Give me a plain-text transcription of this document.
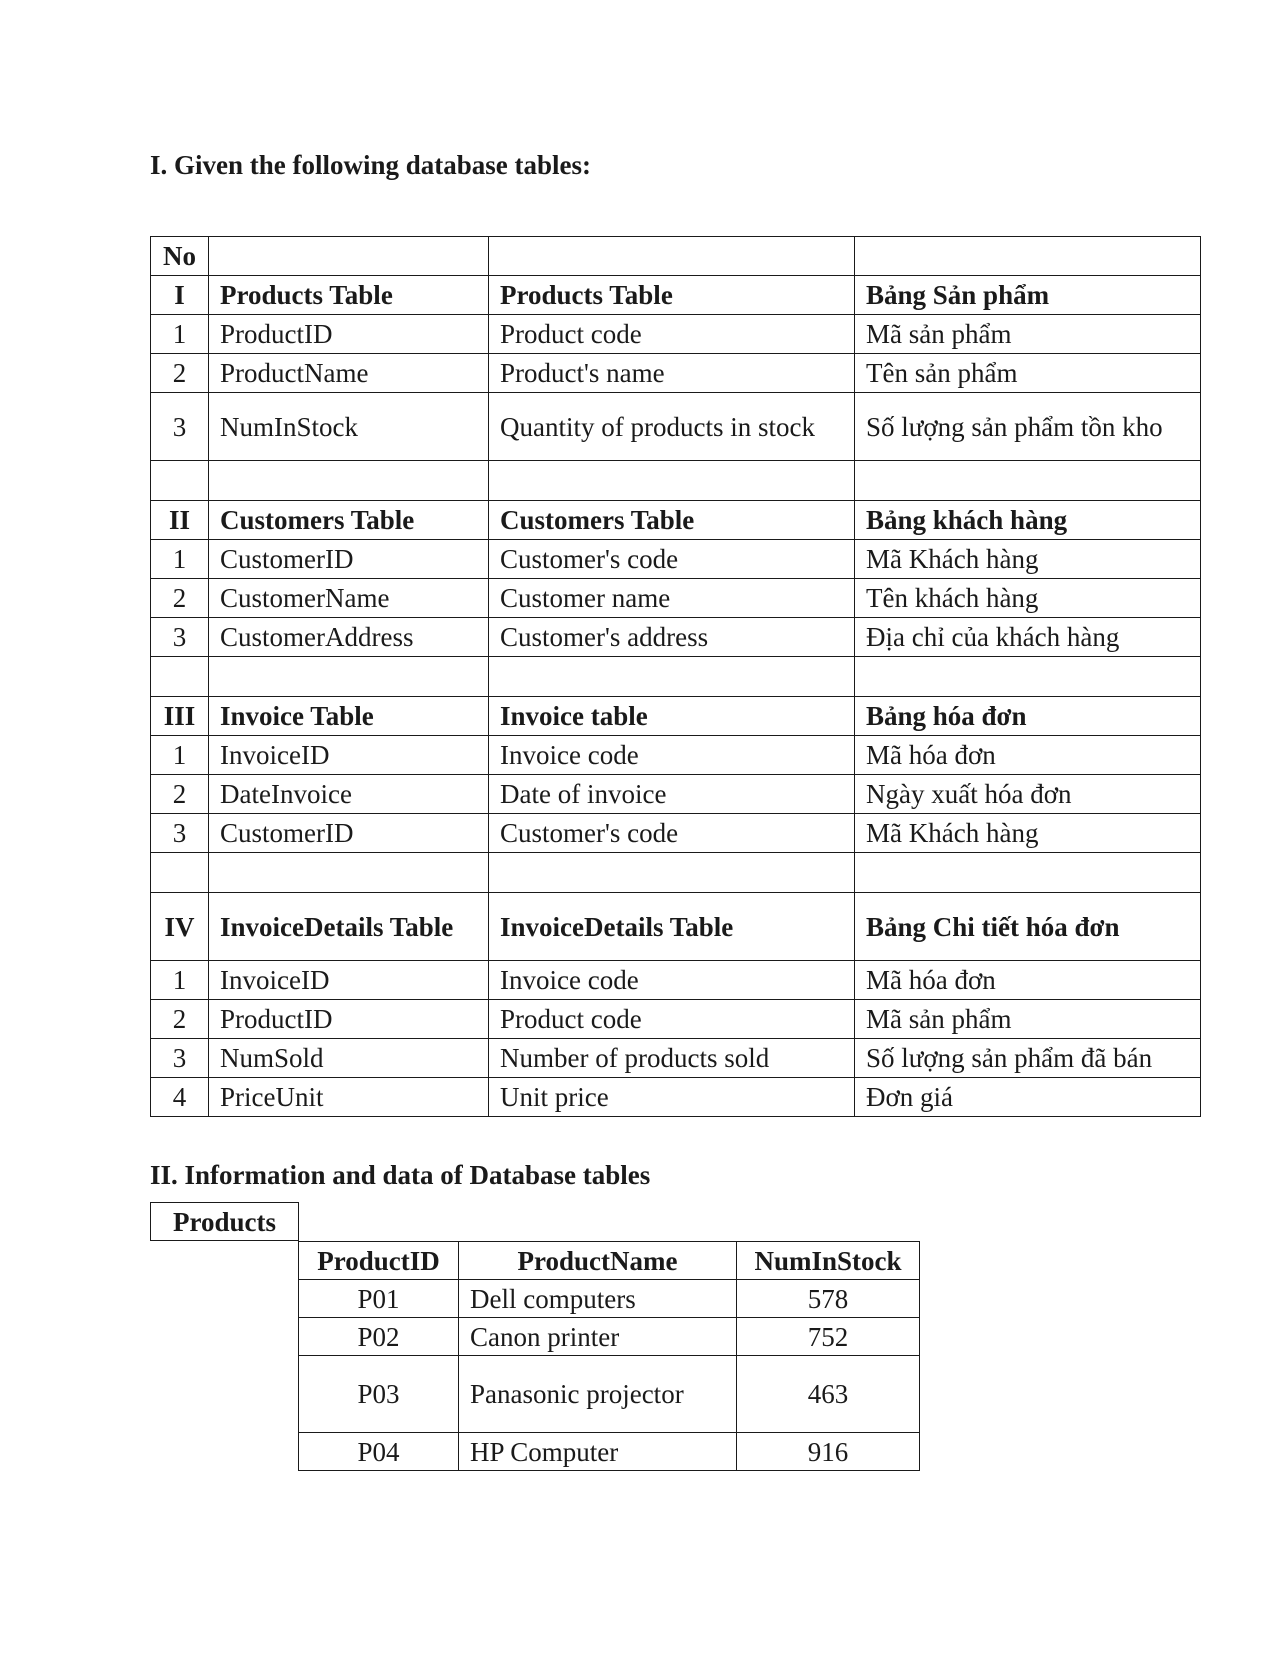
I. Given the following database tables:
No			
I	Products Table	Products Table	Bảng Sản phẩm
1	ProductID	Product code	Mã sản phẩm
2	ProductName	Product's name	Tên sản phẩm
3	NumInStock	Quantity of products in stock	Số lượng sản phẩm tồn kho

II	Customers Table	Customers Table	Bảng khách hàng
1	CustomerID	Customer's code	Mã Khách hàng
2	CustomerName	Customer name	Tên khách hàng
3	CustomerAddress	Customer's address	Địa chỉ của khách hàng

III	Invoice Table	Invoice table	Bảng hóa đơn
1	InvoiceID	Invoice code	Mã hóa đơn
2	DateInvoice	Date of invoice	Ngày xuất hóa đơn
3	CustomerID	Customer's code	Mã Khách hàng

IV	InvoiceDetails Table	InvoiceDetails Table	Bảng Chi tiết hóa đơn
1	InvoiceID	Invoice code	Mã hóa đơn
2	ProductID	Product code	Mã sản phẩm
3	NumSold	Number of products sold	Số lượng sản phẩm đã bán
4	PriceUnit	Unit price	Đơn giá
II. Information and data of Database tables
Products
ProductID	ProductName	NumInStock
P01	Dell computers	578
P02	Canon printer	752
P03	Panasonic projector	463
P04	HP Computer	916
